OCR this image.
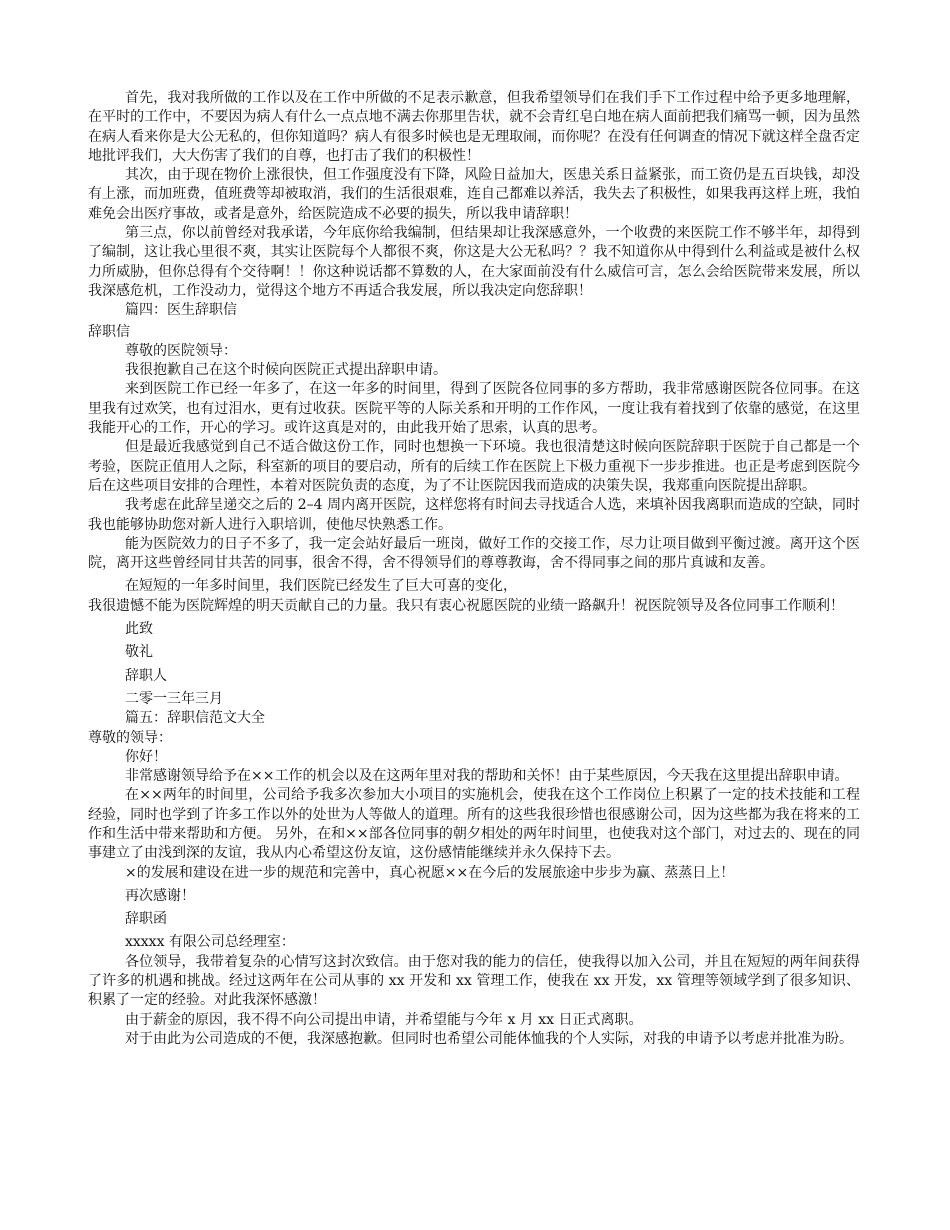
首先，我对我所做的工作以及在工作中所做的不足表示歉意，但我希望领导们在我们手下工作过程中给予更多地理解，在平时的工作中，不要因为病人有什么一点点地不满去你那里告状，就不会青红皂白地在病人面前把我们痛骂一顿，因为虽然在病人看来你是大公无私的，但你知道吗？病人有很多时候也是无理取闹，而你呢？在没有任何调查的情况下就这样全盘否定地批评我们，大大伤害了我们的自尊，也打击了我们的积极性！

其次，由于现在物价上涨很快，但工作强度没有下降，风险日益加大，医患关系日益紧张，而工资仍是五百块钱，却没有上涨，而加班费，值班费等却被取消，我们的生活很艰难，连自己都难以养活，我失去了积极性，如果我再这样上班，我怕难免会出医疗事故，或者是意外，给医院造成不必要的损失，所以我申请辞职！

第三点，你以前曾经对我承诺，今年底你给我编制，但结果却让我深感意外，一个收费的来医院工作不够半年，却得到了编制，这让我心里很不爽，其实让医院每个人都很不爽，你这是大公无私吗？？我不知道你从中得到什么利益或是被什么权力所威胁，但你总得有个交待啊！！你这种说话都不算数的人，在大家面前没有什么威信可言，怎么会给医院带来发展，所以我深感危机，工作没动力，觉得这个地方不再适合我发展，所以我决定向您辞职！

篇四：医生辞职信

辞职信

尊敬的医院领导：

我很抱歉自己在这个时候向医院正式提出辞职申请。

来到医院工作已经一年多了，在这一年多的时间里，得到了医院各位同事的多方帮助，我非常感谢医院各位同事。在这里我有过欢笑，也有过泪水，更有过收获。医院平等的人际关系和开明的工作作风，一度让我有着找到了依靠的感觉，在这里我能开心的工作，开心的学习。或许这真是对的，由此我开始了思索，认真的思考。

但是最近我感觉到自己不适合做这份工作，同时也想换一下环境。我也很清楚这时候向医院辞职于医院于自己都是一个考验，医院正值用人之际，科室新的项目的要启动，所有的后续工作在医院上下极力重视下一步步推进。也正是考虑到医院今后在这些项目安排的合理性，本着对医院负责的态度，为了不让医院因我而造成的决策失误，我郑重向医院提出辞职。

我考虑在此辞呈递交之后的 2–4 周内离开医院，这样您将有时间去寻找适合人选，来填补因我离职而造成的空缺，同时我也能够协助您对新人进行入职培训，使他尽快熟悉工作。

能为医院效力的日子不多了，我一定会站好最后一班岗，做好工作的交接工作，尽力让项目做到平衡过渡。离开这个医院，离开这些曾经同甘共苦的同事，很舍不得，舍不得领导们的尊尊教诲，舍不得同事之间的那片真诚和友善。

在短短的一年多时间里，我们医院已经发生了巨大可喜的变化，

我很遗憾不能为医院辉煌的明天贡献自己的力量。我只有衷心祝愿医院的业绩一路飙升！祝医院领导及各位同事工作顺利！

此致

敬礼

辞职人

二零一三年三月

篇五：辞职信范文大全

尊敬的领导：

你好！

非常感谢领导给予在××工作的机会以及在这两年里对我的帮助和关怀！由于某些原因，今天我在这里提出辞职申请。

在××两年的时间里，公司给予我多次参加大小项目的实施机会，使我在这个工作岗位上积累了一定的技术技能和工程经验，同时也学到了许多工作以外的处世为人等做人的道理。所有的这些我很珍惜也很感谢公司，因为这些都为我在将来的工作和生活中带来帮助和方便。 另外，在和××部各位同事的朝夕相处的两年时间里，也使我对这个部门，对过去的、现在的同事建立了由浅到深的友谊，我从内心希望这份友谊，这份感情能继续并永久保持下去。

×的发展和建设在进一步的规范和完善中，真心祝愿××在今后的发展旅途中步步为赢、蒸蒸日上！

再次感谢！

辞职函

xxxxx 有限公司总经理室：

各位领导，我带着复杂的心情写这封次致信。由于您对我的能力的信任，使我得以加入公司，并且在短短的两年间获得了许多的机遇和挑战。经过这两年在公司从事的 xx 开发和 xx 管理工作，使我在 xx 开发，xx 管理等领域学到了很多知识、积累了一定的经验。对此我深怀感激！

由于薪金的原因，我不得不向公司提出申请，并希望能与今年 x 月 xx 日正式离职。

对于由此为公司造成的不便，我深感抱歉。但同时也希望公司能体恤我的个人实际，对我的申请予以考虑并批准为盼。
